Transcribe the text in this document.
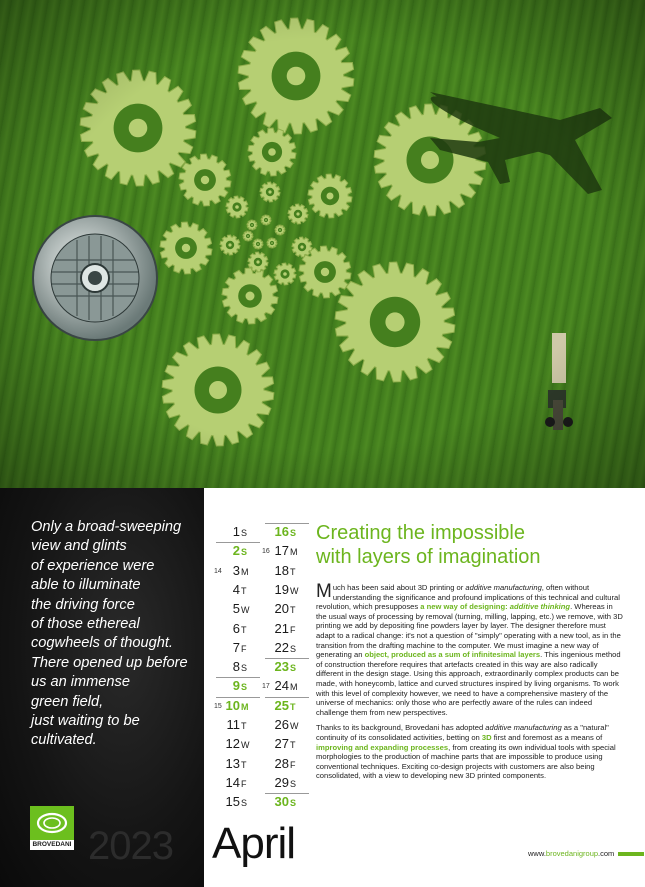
Only a broad-sweeping
view and glints
of experience were
able to illuminate
the driving force
of those ethereal
cogwheels of thought.
There opened up before
us an immense
green field,
just waiting to be
cultivated.
BROVEDANI 2023
1S
2S
3M
14
4T
5W
6T
7F
8S
9S
10M
15
11T
12W
13T
14F
15S
16S
17M
16
18T
19W
20T
21F
22S
23S
24M
17
25T
26W
27T
28F
29S
30S
April
Creating the impossible
with layers of imagination

Much has been said about 3D printing or additive manufacturing, often without understanding the significance and profound implications of this technical and cultural revolution, which presupposes a new way of designing: additive thinking. Whereas in the usual ways of processing by removal (turning, milling, lapping, etc.) we remove, with 3D printing we add by depositing fine powders layer by layer. The designer therefore must adapt to a radical change: it's not a question of "simply" operating with a new tool, as in the transition from the drafting machine to the computer. We must imagine a new way of generating an object, produced as a sum of infinitesimal layers. This ingenious method of construction therefore requires that artefacts created in this way are also radically different in the design stage. Using this approach, extraordinarily complex products can be made, with honeycomb, lattice and curved structures inspired by living organisms. To work with this level of complexity however, we need to have a comprehensive mastery of the universe of mechanics: only those who are perfectly aware of the rules can indeed challenge them from new perspectives.

Thanks to its background, Brovedani has adopted additive manufacturing as a "natural" continuity of its consolidated activities, betting on 3D first and foremost as a means of improving and expanding processes, from creating its own individual tools with special morphologies to the production of machine parts that are impossible to produce using conventional techniques. Exciting co-design projects with customers are also being consolidated, with a view to developing new 3D printed components.

www.brovedanigroup.com
